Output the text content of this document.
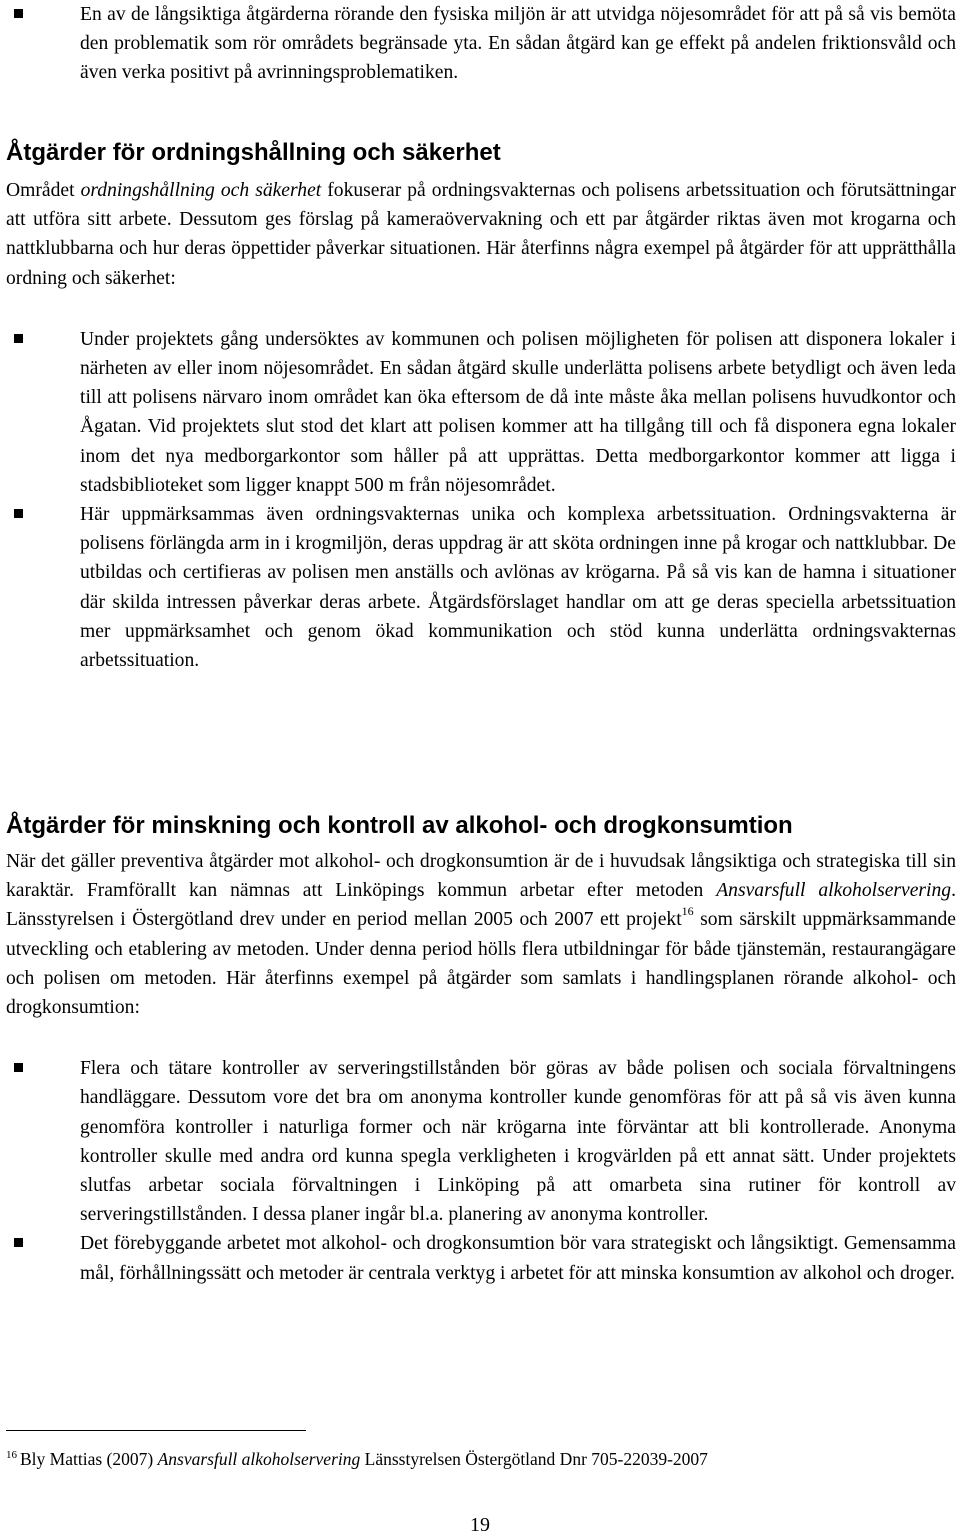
En av de långsiktiga åtgärderna rörande den fysiska miljön är att utvidga nöjesområdet för att på så vis bemöta den problematik som rör områdets begränsade yta. En sådan åtgärd kan ge effekt på andelen friktionsvåld och även verka positivt på avrinningsproblematiken.
Åtgärder för ordningshållning och säkerhet

Området ordningshållning och säkerhet fokuserar på ordningsvakternas och polisens arbetssituation och förutsättningar att utföra sitt arbete. Dessutom ges förslag på kameraövervakning och ett par åtgärder riktas även mot krogarna och nattklubbarna och hur deras öppettider påverkar situationen. Här återfinns några exempel på åtgärder för att upprätthålla ordning och säkerhet:

Under projektets gång undersöktes av kommunen och polisen möjligheten för polisen att disponera lokaler i närheten av eller inom nöjesområdet. En sådan åtgärd skulle underlätta polisens arbete betydligt och även leda till att polisens närvaro inom området kan öka eftersom de då inte måste åka mellan polisens huvudkontor och Ågatan. Vid projektets slut stod det klart att polisen kommer att ha tillgång till och få disponera egna lokaler inom det nya medborgarkontor som håller på att upprättas. Detta medborgarkontor kommer att ligga i stadsbiblioteket som ligger knappt 500 m från nöjesområdet.
Här uppmärksammas även ordningsvakternas unika och komplexa arbetssituation. Ordningsvakterna är polisens förlängda arm in i krogmiljön, deras uppdrag är att sköta ordningen inne på krogar och nattklubbar. De utbildas och certifieras av polisen men anställs och avlönas av krögarna. På så vis kan de hamna i situationer där skilda intressen påverkar deras arbete. Åtgärdsförslaget handlar om att ge deras speciella arbetssituation mer uppmärksamhet och genom ökad kommunikation och stöd kunna underlätta ordningsvakternas arbetssituation.
Åtgärder för minskning och kontroll av alkohol- och drogkonsumtion

När det gäller preventiva åtgärder mot alkohol- och drogkonsumtion är de i huvudsak långsiktiga och strategiska till sin karaktär. Framförallt kan nämnas att Linköpings kommun arbetar efter metoden Ansvarsfull alkoholservering. Länsstyrelsen i Östergötland drev under en period mellan 2005 och 2007 ett projekt$^{16}$ som särskilt uppmärksammande utveckling och etablering av metoden. Under denna period hölls flera utbildningar för både tjänstemän, restaurangägare och polisen om metoden. Här återfinns exempel på åtgärder som samlats i handlingsplanen rörande alkohol- och drogkonsumtion:

Flera och tätare kontroller av serveringstillstånden bör göras av både polisen och sociala förvaltningens handläggare. Dessutom vore det bra om anonyma kontroller kunde genomföras för att på så vis även kunna genomföra kontroller i naturliga former och när krögarna inte förväntar att bli kontrollerade. Anonyma kontroller skulle med andra ord kunna spegla verkligheten i krogvärlden på ett annat sätt. Under projektets slutfas arbetar sociala förvaltningen i Linköping på att omarbeta sina rutiner för kontroll av serveringstillstånden. I dessa planer ingår bl.a. planering av anonyma kontroller.
Det förebyggande arbetet mot alkohol- och drogkonsumtion bör vara strategiskt och långsiktigt. Gemensamma mål, förhållningssätt och metoder är centrala verktyg i arbetet för att minska konsumtion av alkohol och droger.
$^{16}$ Bly Mattias (2007) Ansvarsfull alkoholservering Länsstyrelsen Östergötland Dnr 705-22039-2007
19
